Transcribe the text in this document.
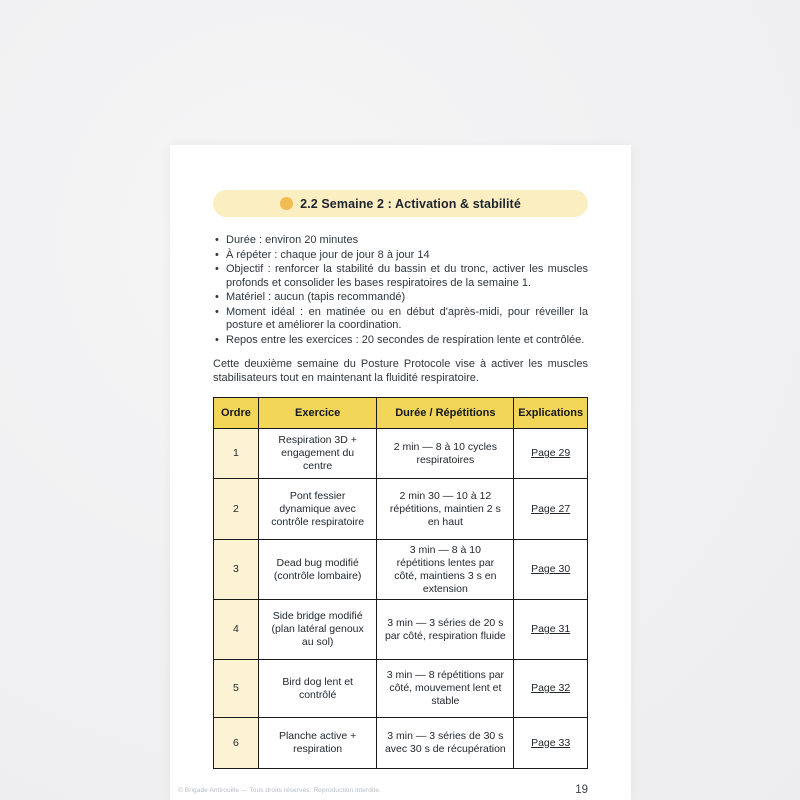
2.2 Semaine 2 : Activation & stabilité
• Durée : environ 20 minutes
• À répéter : chaque jour de jour 8 à jour 14
• Objectif : renforcer la stabilité du bassin et du tronc, activer les muscles profonds et consolider les bases respiratoires de la semaine 1.
• Matériel : aucun (tapis recommandé)
• Moment idéal : en matinée ou en début d'après-midi, pour réveiller la posture et améliorer la coordination.
• Repos entre les exercices : 20 secondes de respiration lente et contrôlée.

Cette deuxième semaine du Posture Protocole vise à activer les muscles stabilisateurs tout en maintenant la fluidité respiratoire.

Ordre	Exercice	Durée / Répétitions	Explications
1	Respiration 3D + engagement du centre	2 min — 8 à 10 cycles respiratoires	Page 29
2	Pont fessier dynamique avec contrôle respiratoire	2 min 30 — 10 à 12 répétitions, maintien 2 s en haut	Page 27
3	Dead bug modifié (contrôle lombaire)	3 min — 8 à 10 répétitions lentes par côté, maintiens 3 s en extension	Page 30
4	Side bridge modifié (plan latéral genoux au sol)	3 min — 3 séries de 20 s par côté, respiration fluide	Page 31
5	Bird dog lent et contrôlé	3 min — 8 répétitions par côté, mouvement lent et stable	Page 32
6	Planche active + respiration	3 min — 3 séries de 30 s avec 30 s de récupération	Page 33
19
© Brigade Antirouille — Tous droits réservés. Reproduction interdite.
